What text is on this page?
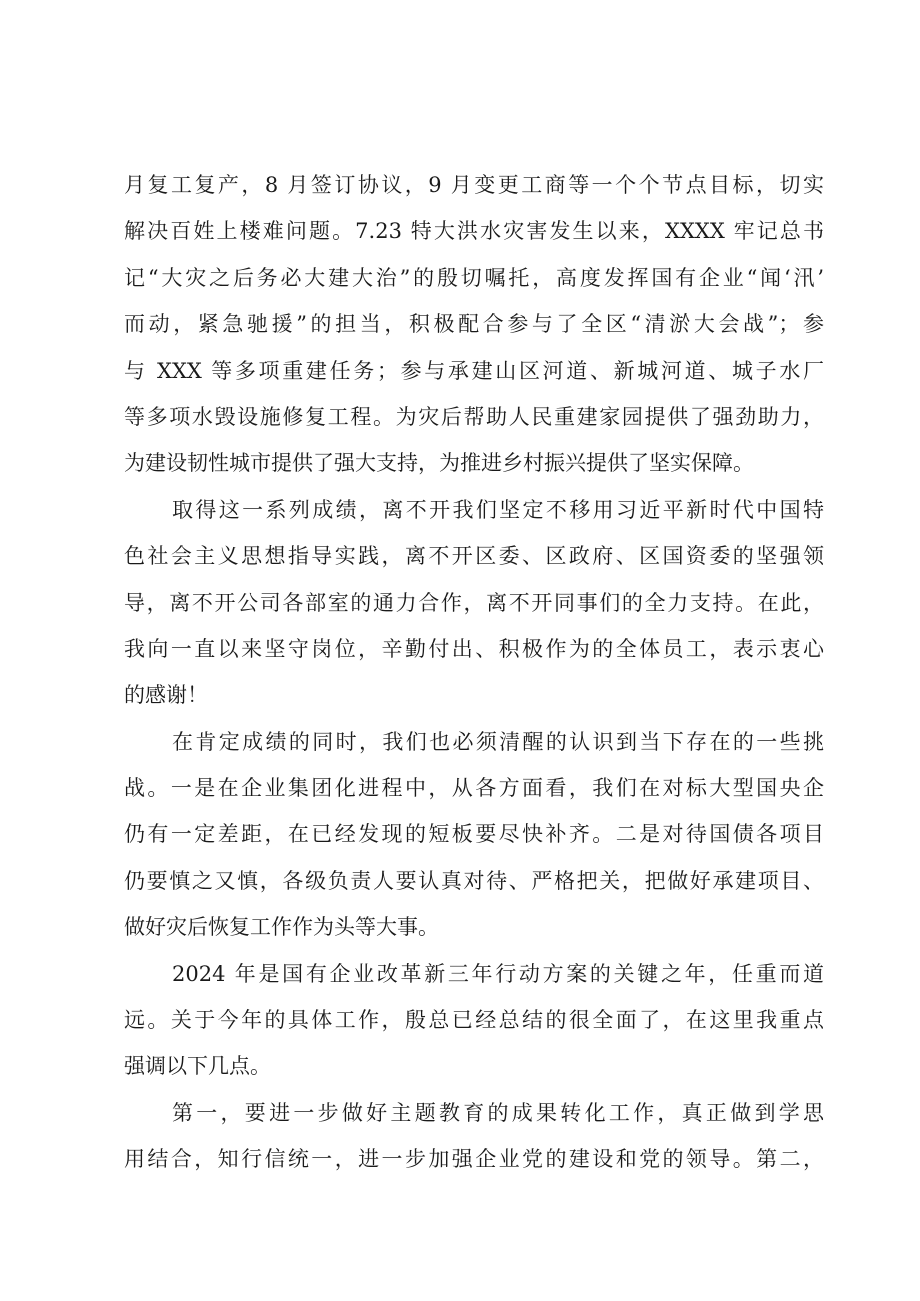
月复工复产，8 月签订协议，9 月变更工商等一个个节点目标，切实
解决百姓上楼难问题。7.23 特大洪水灾害发生以来，XXXX 牢记总书
记“大灾之后务必大建大治”的殷切嘱托，高度发挥国有企业“闻‘汛’
而动，紧急驰援”的担当，积极配合参与了全区“清淤大会战”；参
与 XXX 等多项重建任务；参与承建山区河道、新城河道、城子水厂
等多项水毁设施修复工程。为灾后帮助人民重建家园提供了强劲助力，
为建设韧性城市提供了强大支持，为推进乡村振兴提供了坚实保障。
取得这一系列成绩，离不开我们坚定不移用习近平新时代中国特
色社会主义思想指导实践，离不开区委、区政府、区国资委的坚强领
导，离不开公司各部室的通力合作，离不开同事们的全力支持。在此，
我向一直以来坚守岗位，辛勤付出、积极作为的全体员工，表示衷心
的感谢！
在肯定成绩的同时，我们也必须清醒的认识到当下存在的一些挑
战。一是在企业集团化进程中，从各方面看，我们在对标大型国央企
仍有一定差距，在已经发现的短板要尽快补齐。二是对待国债各项目
仍要慎之又慎，各级负责人要认真对待、严格把关，把做好承建项目、
做好灾后恢复工作作为头等大事。
2024 年是国有企业改革新三年行动方案的关键之年，任重而道
远。关于今年的具体工作，殷总已经总结的很全面了，在这里我重点
强调以下几点。
第一，要进一步做好主题教育的成果转化工作，真正做到学思
用结合，知行信统一，进一步加强企业党的建设和党的领导。第二，
